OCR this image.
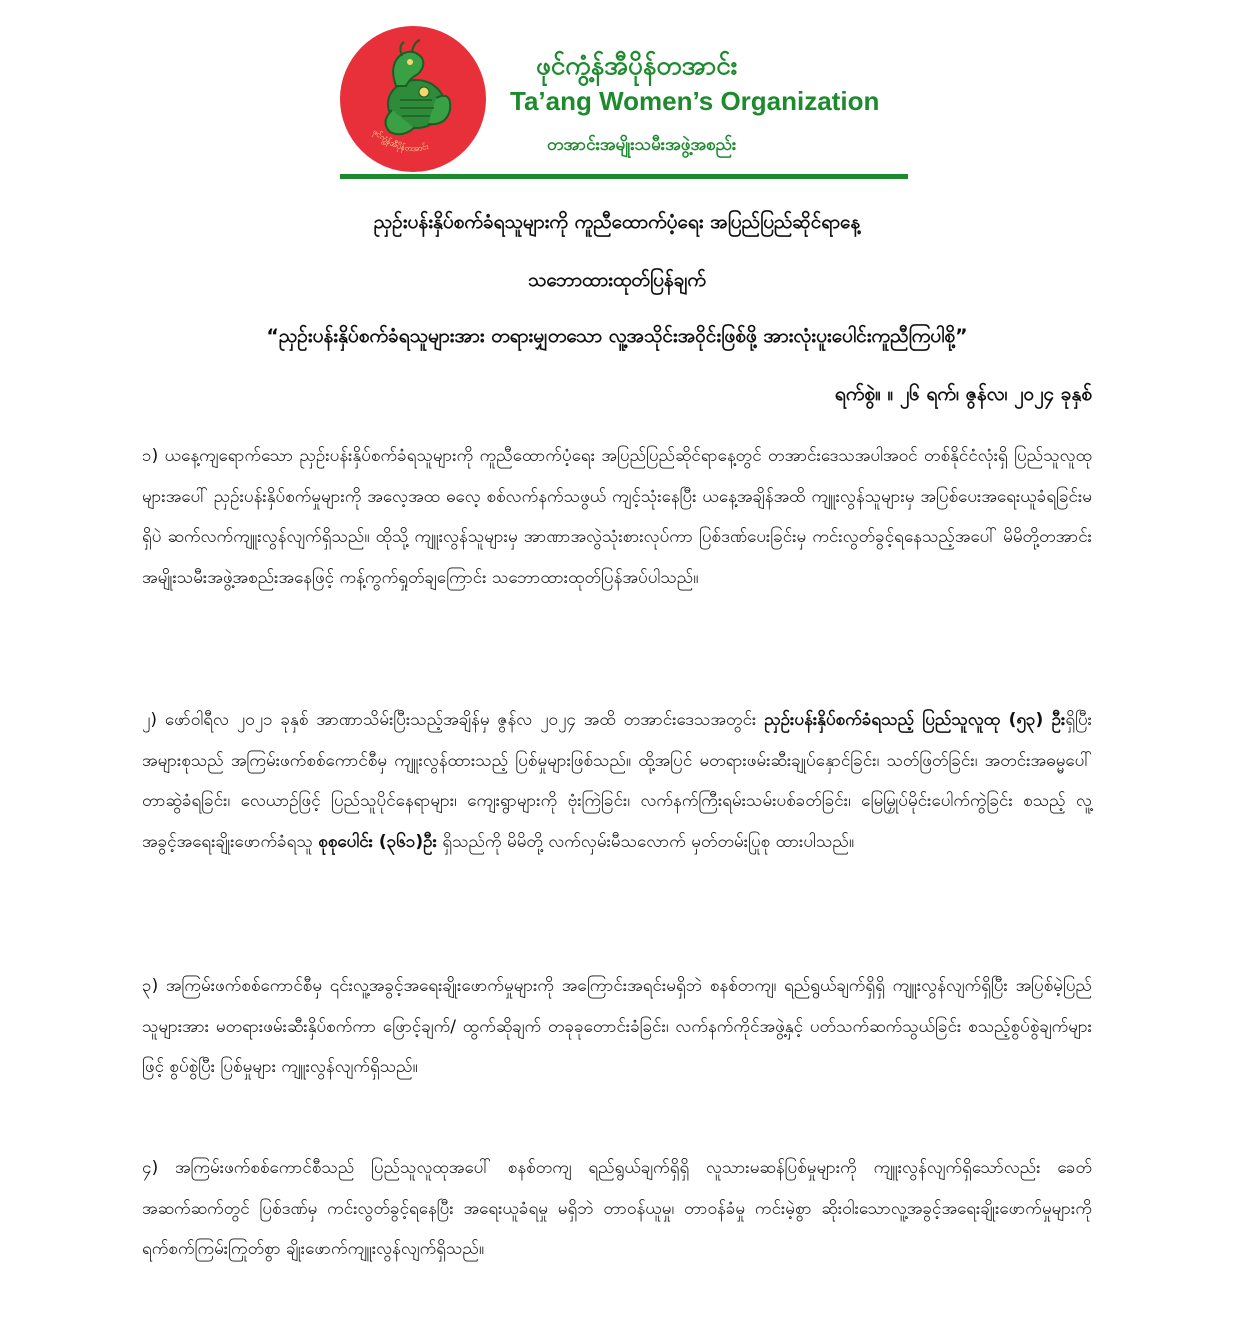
ဖုင်ကွံ့န်အီပိုန်တအာင်း
ဖုင်ကွံ့န်အီပိုန်တအာင်း
Ta’ang Women’s Organization
တအာင်းအမျိုးသမီးအဖွဲ့အစည်း
ညှဉ်းပန်းနှိပ်စက်ခံရသူများကို ကူညီထောက်ပံ့ရေး အပြည်ပြည်ဆိုင်ရာနေ့
သဘောထားထုတ်ပြန်ချက်
“ညှဉ်းပန်းနှိပ်စက်ခံရသူများအား တရားမျှတသော လူ့အသိုင်းအဝိုင်းဖြစ်ဖို့ အားလုံးပူးပေါင်းကူညီကြပါစို့”
ရက်စွဲ။ ။ ၂၆ ရက်၊ ဇွန်လ၊ ၂၀၂၄ ခုနှစ်
၁) ယနေ့ကျရောက်သော ညှဉ်းပန်းနှိပ်စက်ခံရသူများကို ကူညီထောက်ပံ့ရေး အပြည်ပြည်ဆိုင်ရာနေ့တွင် တအာင်းဒေသအပါအဝင် တစ်နိုင်ငံလုံးရှိ ပြည်သူလူထုများအပေါ် ညှဉ်းပန်းနှိပ်စက်မှုများကို အလေ့အထ ဓလေ့ စစ်လက်နက်သဖွယ် ကျင့်သုံးနေပြီး ယနေ့အချိန်အထိ ကျူးလွန်သူများမှ အပြစ်ပေးအရေးယူခံရခြင်းမရှိပဲ ဆက်လက်ကျူးလွန်လျက်ရှိသည်။ ထိုသို့ ကျူးလွန်သူများမှ အာဏာအလွဲသုံးစားလုပ်ကာ ပြစ်ဒဏ်ပေးခြင်းမှ ကင်းလွတ်ခွင့်ရနေသည့်အပေါ် မိမိတို့တအာင်းအမျိုးသမီးအဖွဲ့အစည်းအနေဖြင့် ကန့်ကွက်ရှုတ်ချကြောင်း သဘောထားထုတ်ပြန်အပ်ပါသည်။
၂) ဖော်ဝါရီလ ၂၀၂၁ ခုနှစ် အာဏာသိမ်းပြီးသည့်အချိန်မှ ဇွန်လ ၂၀၂၄ အထိ တအာင်းဒေသအတွင်း ညှဉ်းပန်းနှိပ်စက်ခံရသည့် ပြည်သူလူထု (၅၃) ဦးရှိပြီး အများစုသည် အကြမ်းဖက်စစ်ကောင်စီမှ ကျူးလွန်ထားသည့် ပြစ်မှုများဖြစ်သည်။ ထို့အပြင် မတရားဖမ်းဆီးချုပ်နှောင်ခြင်း၊ သတ်ဖြတ်ခြင်း၊ အတင်းအဓမ္မပေါ်တာဆွဲခံရခြင်း၊ လေယာဉ်ဖြင့် ပြည်သူပိုင်နေရာများ၊ ကျေးရွာများကို ဗုံးကြဲခြင်း၊ လက်နက်ကြီးရမ်းသမ်းပစ်ခတ်ခြင်း၊ မြေမြှုပ်မိုင်းပေါက်ကွဲခြင်း စသည့် လူ့အခွင့်အရေးချိုးဖောက်ခံရသူ စုစုပေါင်း (၃၆၁)ဦး ရှိသည်ကို မိမိတို့ လက်လှမ်းမီသလောက် မှတ်တမ်းပြုစု ထားပါသည်။
၃) အကြမ်းဖက်စစ်ကောင်စီမှ ၎င်းလူ့အခွင့်အရေးချိုးဖောက်မှုများကို အကြောင်းအရင်းမရှိဘဲ စနစ်တကျ၊ ရည်ရွယ်ချက်ရှိရှိ ကျူးလွန်လျက်ရှိပြီး အပြစ်မဲ့ပြည်သူများအား မတရားဖမ်းဆီးနှိပ်စက်ကာ ဖြောင့်ချက်/ ထွက်ဆိုချက် တခုခုတောင်းခံခြင်း၊ လက်နက်ကိုင်အဖွဲ့နှင့် ပတ်သက်ဆက်သွယ်ခြင်း စသည့်စွပ်စွဲချက်များဖြင့် စွပ်စွဲပြီး ပြစ်မှုများ ကျူးလွန်လျက်ရှိသည်။
၄) အကြမ်းဖက်စစ်ကောင်စီသည် ပြည်သူလူထုအပေါ် စနစ်တကျ ရည်ရွယ်ချက်ရှိရှိ လူသားမဆန်ပြစ်မှုများကို ကျူးလွန်လျက်ရှိသော်လည်း ခေတ်အဆက်ဆက်တွင် ပြစ်ဒဏ်မှ ကင်းလွတ်ခွင့်ရနေပြီး အရေးယူခံရမှု မရှိဘဲ တာဝန်ယူမှု၊ တာဝန်ခံမှု ကင်းမဲ့စွာ ဆိုးဝါးသောလူ့အခွင့်အရေးချိုးဖောက်မှုများကို ရက်စက်ကြမ်းကြုတ်စွာ ချိုးဖောက်ကျူးလွန်လျက်ရှိသည်။
